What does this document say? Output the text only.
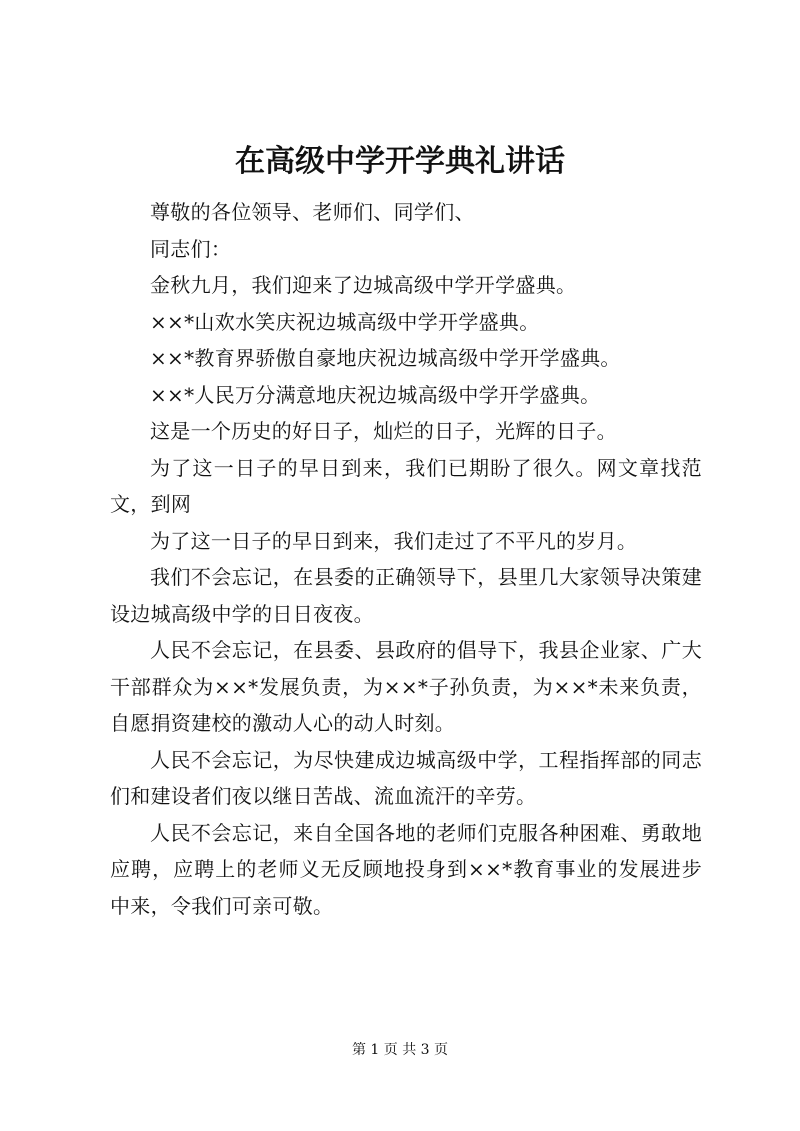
在高级中学开学典礼讲话

尊敬的各位领导、老师们、同学们、

同志们：

金秋九月，我们迎来了边城高级中学开学盛典。

××*山欢水笑庆祝边城高级中学开学盛典。

××*教育界骄傲自豪地庆祝边城高级中学开学盛典。

××*人民万分满意地庆祝边城高级中学开学盛典。

这是一个历史的好日子，灿烂的日子，光辉的日子。

为了这一日子的早日到来，我们已期盼了很久。网文章找范文，到网

为了这一日子的早日到来，我们走过了不平凡的岁月。

我们不会忘记，在县委的正确领导下，县里几大家领导决策建设边城高级中学的日日夜夜。

人民不会忘记，在县委、县政府的倡导下，我县企业家、广大干部群众为××*发展负责，为××*子孙负责，为××*未来负责，自愿捐资建校的激动人心的动人时刻。

人民不会忘记，为尽快建成边城高级中学，工程指挥部的同志们和建设者们夜以继日苦战、流血流汗的辛劳。

人民不会忘记，来自全国各地的老师们克服各种困难、勇敢地应聘，应聘上的老师义无反顾地投身到××*教育事业的发展进步中来，令我们可亲可敬。

第 1 页 共 3 页
